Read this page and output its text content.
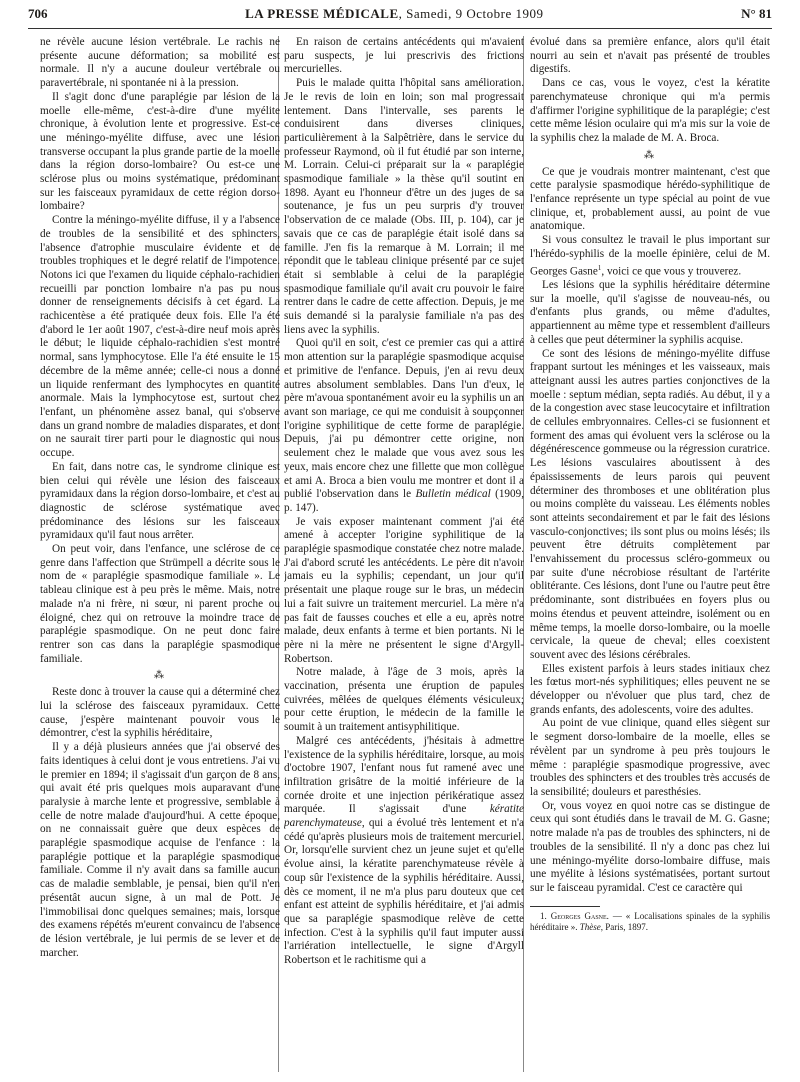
706	LA PRESSE MÉDICALE, Samedi, 9 Octobre 1909	N° 81

ne révèle aucune lésion vertébrale. Le rachis ne présente aucune déformation; sa mobilité est normale. Il n'y a aucune douleur vertébrale ou paravertébrale, ni spontanée ni à la pression.

Il s'agit donc d'une paraplégie par lésion de la moelle elle-même, c'est-à-dire d'une myélite chronique, à évolution lente et progressive. Est-ce une méningo-myélite diffuse, avec une lésion transverse occupant la plus grande partie de la moelle dans la région dorso-lombaire? Ou est-ce une sclérose plus ou moins systématique, prédominant sur les faisceaux pyramidaux de cette région dorso-lombaire?

Contre la méningo-myélite diffuse, il y a l'absence de troubles de la sensibilité et des sphincters, l'absence d'atrophie musculaire évidente et de troubles trophiques et le degré relatif de l'impotence. Notons ici que l'examen du liquide céphalo-rachidien recueilli par ponction lombaire n'a pas pu nous donner de renseignements décisifs à cet égard. La rachicentèse a été pratiquée deux fois. Elle l'a été d'abord le 1er août 1907, c'est-à-dire neuf mois après le début; le liquide céphalo-rachidien s'est montré normal, sans lymphocytose. Elle l'a été ensuite le 15 décembre de la même année; celle-ci nous a donné un liquide renfermant des lymphocytes en quantité anormale. Mais la lymphocytose est, surtout chez l'enfant, un phénomène assez banal, qui s'observe dans un grand nombre de maladies disparates, et dont on ne saurait tirer parti pour le diagnostic qui nous occupe.

En fait, dans notre cas, le syndrome clinique est bien celui qui révèle une lésion des faisceaux pyramidaux dans la région dorso-lombaire, et c'est au diagnostic de sclérose systématique avec prédominance des lésions sur les faisceaux pyramidaux qu'il faut nous arrêter.

On peut voir, dans l'enfance, une sclérose de ce genre dans l'affection que Strümpell a décrite sous le nom de « paraplégie spasmodique familiale ». Le tableau clinique est à peu près le même. Mais, notre malade n'a ni frère, ni sœur, ni parent proche ou éloigné, chez qui on retrouve la moindre trace de paraplégie spasmodique. On ne peut donc faire rentrer son cas dans la paraplégie spasmodique familiale.

⁂

Reste donc à trouver la cause qui a déterminé chez lui la sclérose des faisceaux pyramidaux. Cette cause, j'espère maintenant pouvoir vous le démontrer, c'est la syphilis héréditaire,

Il y a déjà plusieurs années que j'ai observé des faits identiques à celui dont je vous entretiens. J'ai vu le premier en 1894; il s'agissait d'un garçon de 8 ans, qui avait été pris quelques mois auparavant d'une paralysie à marche lente et progressive, semblable à celle de notre malade d'aujourd'hui. A cette époque, on ne connaissait guère que deux espèces de paraplégie spasmodique acquise de l'enfance : la paraplégie pottique et la paraplégie spasmodique familiale. Comme il n'y avait dans sa famille aucun cas de maladie semblable, je pensai, bien qu'il n'en présentât aucun signe, à un mal de Pott. Je l'immobilisai donc quelques semaines; mais, lorsque des examens répétés m'eurent convaincu de l'absence de lésion vertébrale, je lui permis de se lever et de marcher.

En raison de certains antécédents qui m'avaient paru suspects, je lui prescrivis des frictions mercurielles.

Puis le malade quitta l'hôpital sans amélioration. Je le revis de loin en loin; son mal progressait lentement. Dans l'intervalle, ses parents le conduisirent dans diverses cliniques, particulièrement à la Salpêtrière, dans le service du professeur Raymond, où il fut étudié par son interne, M. Lorrain. Celui-ci préparait sur la « paraplégie spasmodique familiale » la thèse qu'il soutint en 1898. Ayant eu l'honneur d'être un des juges de sa soutenance, je fus un peu surpris d'y trouver l'observation de ce malade (Obs. III, p. 104), car je savais que ce cas de paraplégie était isolé dans sa famille. J'en fis la remarque à M. Lorrain; il me répondit que le tableau clinique présenté par ce sujet était si semblable à celui de la paraplégie spasmodique familiale qu'il avait cru pouvoir le faire rentrer dans le cadre de cette affection. Depuis, je me suis demandé si la paralysie familiale n'a pas des liens avec la syphilis.

Quoi qu'il en soit, c'est ce premier cas qui a attiré mon attention sur la paraplégie spasmodique acquise et primitive de l'enfance. Depuis, j'en ai revu deux autres absolument semblables. Dans l'un d'eux, le père m'avoua spontanément avoir eu la syphilis un an avant son mariage, ce qui me conduisit à soupçonner l'origine syphilitique de cette forme de paraplégie. Depuis, j'ai pu démontrer cette origine, non seulement chez le malade que vous avez sous les yeux, mais encore chez une fillette que mon collègue et ami A. Broca a bien voulu me montrer et dont il a publié l'observation dans le Bulletin médical (1909, p. 147).

Je vais exposer maintenant comment j'ai été amené à accepter l'origine syphilitique de la paraplégie spasmodique constatée chez notre malade. J'ai d'abord scruté les antécédents. Le père dit n'avoir jamais eu la syphilis; cependant, un jour qu'il présentait une plaque rouge sur le bras, un médecin lui a fait suivre un traitement mercuriel. La mère n'a pas fait de fausses couches et elle a eu, après notre malade, deux enfants à terme et bien portants. Ni le père ni la mère ne présentent le signe d'Argyll-Robertson.

Notre malade, à l'âge de 3 mois, après la vaccination, présenta une éruption de papules cuivrées, mêlées de quelques éléments vésiculeux; pour cette éruption, le médecin de la famille le soumit à un traitement antisyphilitique.

Malgré ces antécédents, j'hésitais à admettre l'existence de la syphilis héréditaire, lorsque, au mois d'octobre 1907, l'enfant nous fut ramené avec une infiltration grisâtre de la moitié inférieure de la cornée droite et une injection périkératique assez marquée. Il s'agissait d'une kératite parenchymateuse, qui a évolué très lentement et n'a cédé qu'après plusieurs mois de traitement mercuriel. Or, lorsqu'elle survient chez un jeune sujet et qu'elle évolue ainsi, la kératite parenchymateuse révèle à coup sûr l'existence de la syphilis héréditaire. Aussi, dès ce moment, il ne m'a plus paru douteux que cet enfant est atteint de syphilis héréditaire, et j'ai admis que sa paraplégie spasmodique relève de cette infection. C'est à la syphilis qu'il faut imputer aussi l'arriération intellectuelle, le signe d'Argyll Robertson et le rachitisme qui a

évolué dans sa première enfance, alors qu'il était nourri au sein et n'avait pas présenté de troubles digestifs.

Dans ce cas, vous le voyez, c'est la kératite parenchymateuse chronique qui m'a permis d'affirmer l'origine syphilitique de la paraplégie; c'est cette même lésion oculaire qui m'a mis sur la voie de la syphilis chez la malade de M. A. Broca.

⁂

Ce que je voudrais montrer maintenant, c'est que cette paralysie spasmodique hérédo-syphilitique de l'enfance représente un type spécial au point de vue clinique, et, probablement aussi, au point de vue anatomique.

Si vous consultez le travail le plus important sur l'hérédo-syphilis de la moelle épinière, celui de M. Georges Gasne$^1$, voici ce que vous y trouverez.

Les lésions que la syphilis héréditaire détermine sur la moelle, qu'il s'agisse de nouveau-nés, ou d'enfants plus grands, ou même d'adultes, appartiennent au même type et ressemblent d'ailleurs à celles que peut déterminer la syphilis acquise.

Ce sont des lésions de méningo-myélite diffuse frappant surtout les méninges et les vaisseaux, mais atteignant aussi les autres parties conjonctives de la moelle : septum médian, septa radiés. Au début, il y a de la congestion avec stase leucocytaire et infiltration de cellules embryonnaires. Celles-ci se fusionnent et forment des amas qui évoluent vers la sclérose ou la dégénérescence gommeuse ou la régression curatrice. Les lésions vasculaires aboutissent à des épaississements de leurs parois qui peuvent déterminer des thromboses et une oblitération plus ou moins complète du vaisseau. Les éléments nobles sont atteints secondairement et par le fait des lésions vasculo-conjonctives; ils sont plus ou moins lésés; ils peuvent être détruits complètement par l'envahissement du processus scléro-gommeux ou par suite d'une nécrobiose résultant de l'artérite oblitérante. Ces lésions, dont l'une ou l'autre peut être prédominante, sont distribuées en foyers plus ou moins étendus et peuvent atteindre, isolément ou en même temps, la moelle dorso-lombaire, ou la moelle cervicale, la queue de cheval; elles coexistent souvent avec des lésions cérébrales.

Elles existent parfois à leurs stades initiaux chez les fœtus mort-nés syphilitiques; elles peuvent ne se développer ou n'évoluer que plus tard, chez de grands enfants, des adolescents, voire des adultes.

Au point de vue clinique, quand elles siègent sur le segment dorso-lombaire de la moelle, elles se révèlent par un syndrome à peu près toujours le même : paraplégie spasmodique progressive, avec troubles des sphincters et des troubles très accusés de la sensibilité; douleurs et paresthésies.

Or, vous voyez en quoi notre cas se distingue de ceux qui sont étudiés dans le travail de M. G. Gasne; notre malade n'a pas de troubles des sphincters, ni de troubles de la sensibilité. Il n'y a donc pas chez lui une méningo-myélite dorso-lombaire diffuse, mais une myélite à lésions systématisées, portant surtout sur le faisceau pyramidal. C'est ce caractère qui

1. Georges Gasne. — « Localisations spinales de la syphilis héréditaire ». Thèse, Paris, 1897.
